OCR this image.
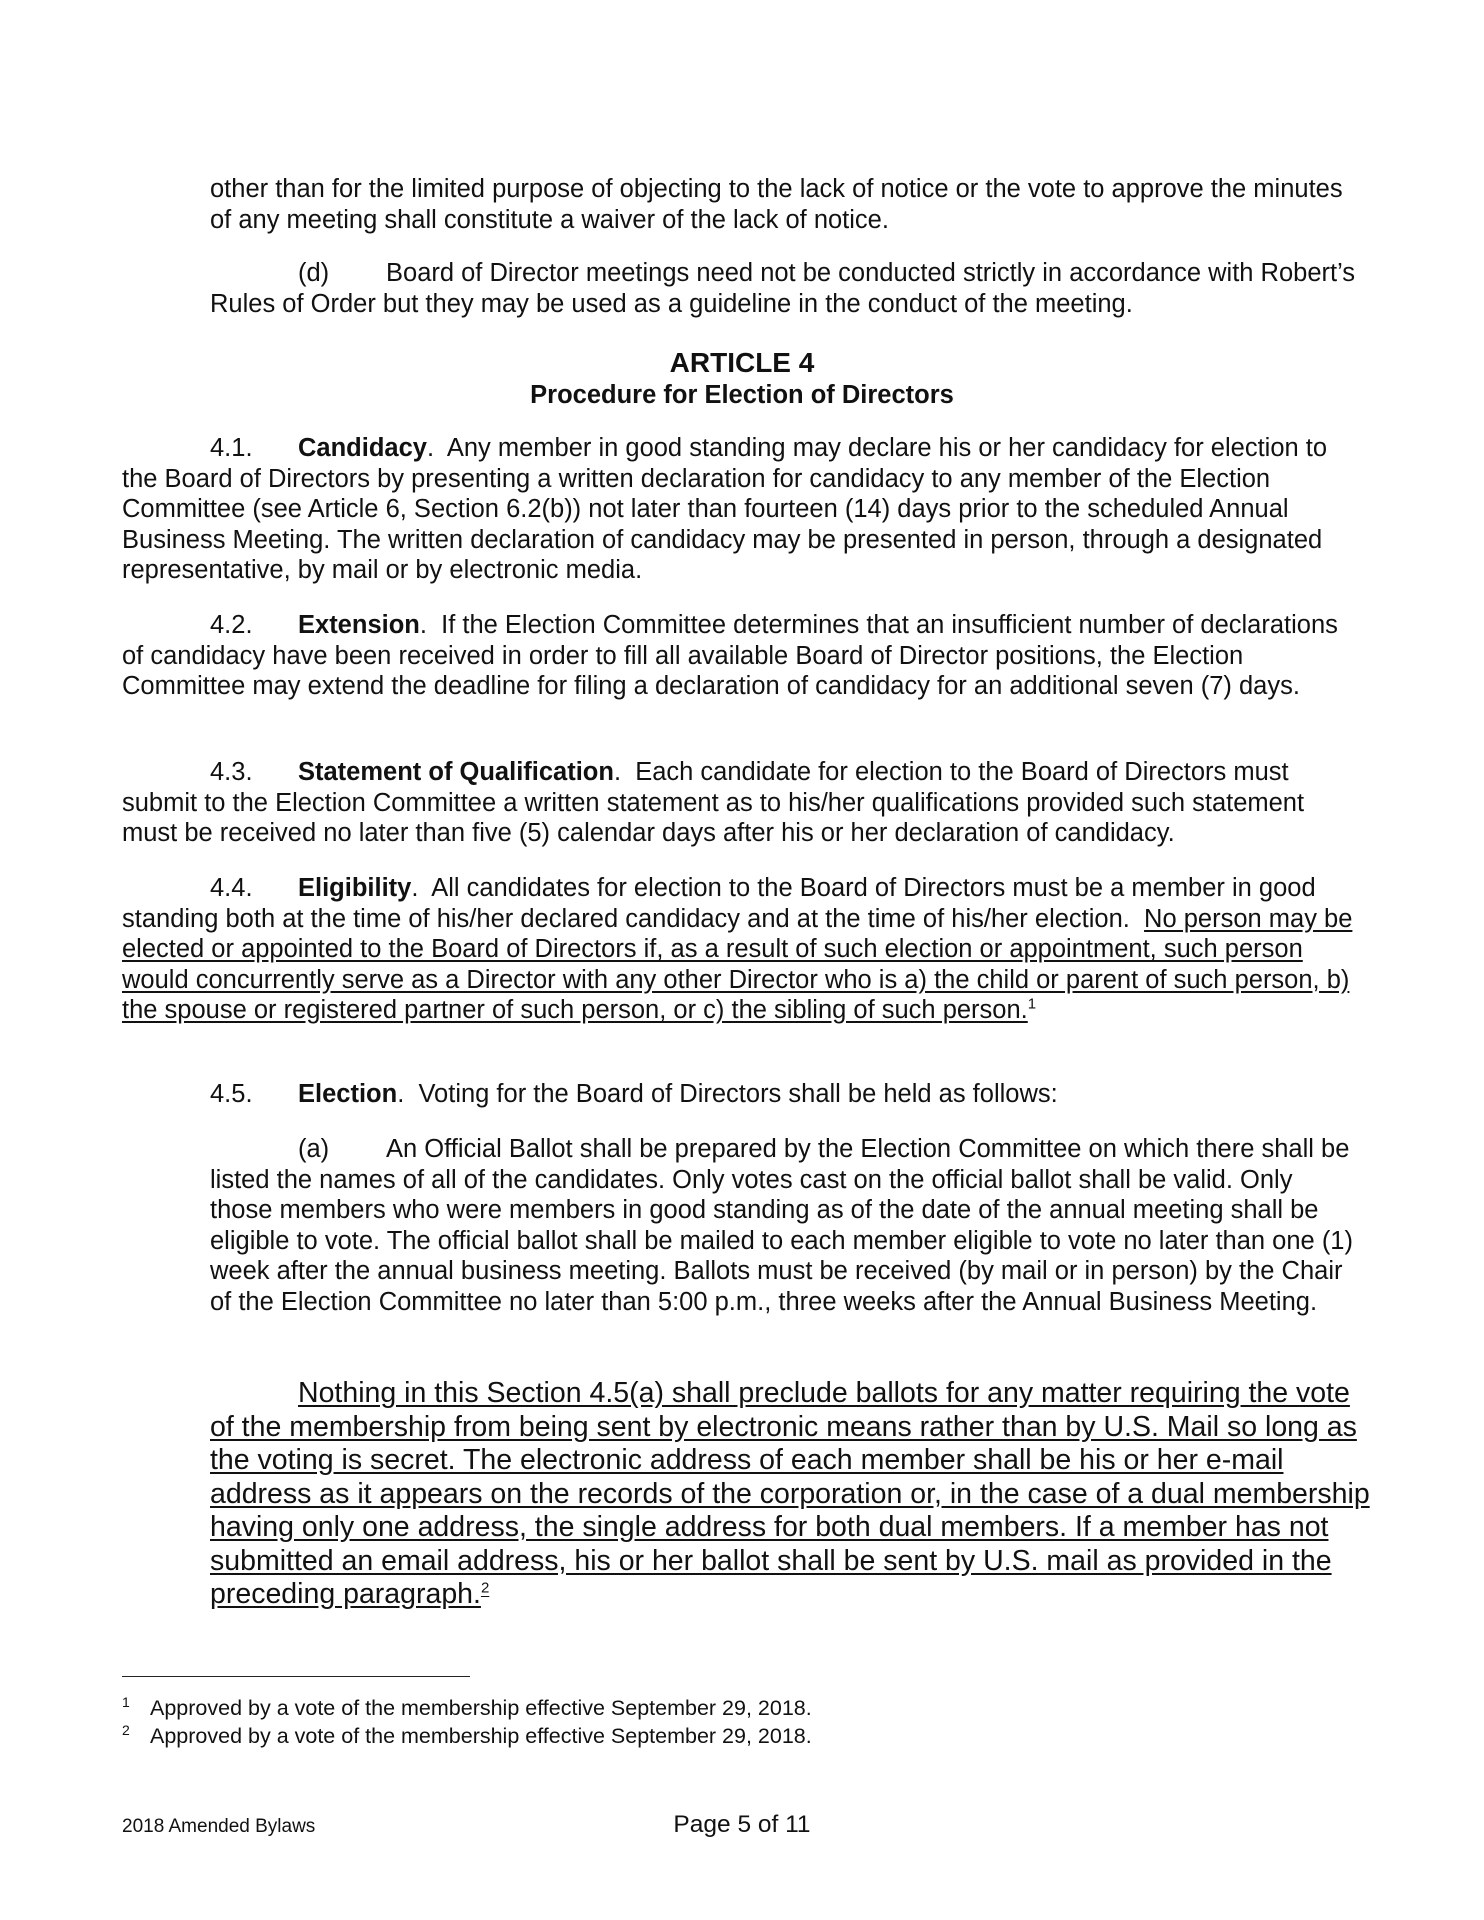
other than for the limited purpose of objecting to the lack of notice or the vote to approve the minutes of any meeting shall constitute a waiver of the lack of notice.

(d) Board of Director meetings need not be conducted strictly in accordance with Robert’s Rules of Order but they may be used as a guideline in the conduct of the meeting.

ARTICLE 4

Procedure for Election of Directors

4.1. Candidacy.  Any member in good standing may declare his or her candidacy for election to the Board of Directors by presenting a written declaration for candidacy to any member of the Election Committee (see Article 6, Section 6.2(b)) not later than fourteen (14) days prior to the scheduled Annual Business Meeting. The written declaration of candidacy may be presented in person, through a designated representative, by mail or by electronic media.

4.2. Extension.  If the Election Committee determines that an insufficient number of declarations of candidacy have been received in order to fill all available Board of Director positions, the Election Committee may extend the deadline for filing a declaration of candidacy for an additional seven (7) days.

4.3. Statement of Qualification.  Each candidate for election to the Board of Directors must submit to the Election Committee a written statement as to his/her qualifications provided such statement must be received no later than five (5) calendar days after his or her declaration of candidacy.

4.4. Eligibility.  All candidates for election to the Board of Directors must be a member in good standing both at the time of his/her declared candidacy and at the time of his/her election. No person may be elected or appointed to the Board of Directors if, as a result of such election or appointment, such person would concurrently serve as a Director with any other Director who is a) the child or parent of such person, b) the spouse or registered partner of such person, or c) the sibling of such person.$^1$

4.5. Election.  Voting for the Board of Directors shall be held as follows:

(a) An Official Ballot shall be prepared by the Election Committee on which there shall be listed the names of all of the candidates. Only votes cast on the official ballot shall be valid. Only those members who were members in good standing as of the date of the annual meeting shall be eligible to vote. The official ballot shall be mailed to each member eligible to vote no later than one (1) week after the annual business meeting. Ballots must be received (by mail or in person) by the Chair of the Election Committee no later than 5:00 p.m., three weeks after the Annual Business Meeting.

Nothing in this Section 4.5(a) shall preclude ballots for any matter requiring the vote of the membership from being sent by electronic means rather than by U.S. Mail so long as the voting is secret. The electronic address of each member shall be his or her e-mail address as it appears on the records of the corporation or, in the case of a dual membership having only one address, the single address for both dual members. If a member has not submitted an email address, his or her ballot shall be sent by U.S. mail as provided in the preceding paragraph.$^2$

1 Approved by a vote of the membership effective September 29, 2018.

2 Approved by a vote of the membership effective September 29, 2018.

2018 Amended Bylaws	Page 5 of 11
